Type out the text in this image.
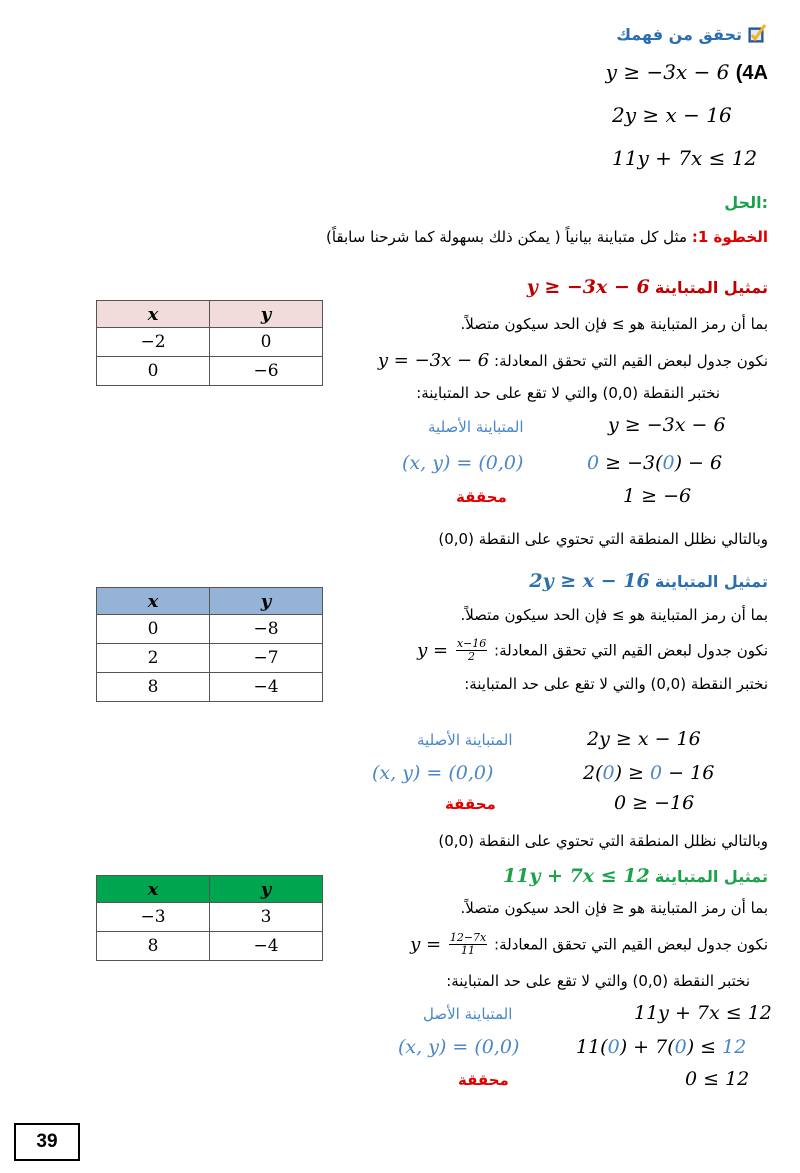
تحقق من فهمك
y ≥ −3x − 6 (4A
2y ≥ x − 16
11y + 7x ≤ 12
الحل:
الخطوة 1: مثل كل متباينة بيانياً ( يمكن ذلك بسهولة كما شرحنا سابقاً)
تمثيل المتباينة y ≥ −3x − 6
بما أن رمز المتباينة هو ≥ فإن الحد سيكون متصلاً.
نكون جدول لبعض القيم التي تحقق المعادلة: y = −3x − 6
نختبر النقطة (0,0) والتي لا تقع على حد المتباينة:
المتباينة الأصلية	y ≥ −3x − 6
(x, y) = (0,0)	0 ≥ −3(0) − 6
محققة	1 ≥ −6
وبالتالي نظلل المنطقة التي تحتوي على النقطة (0,0)
x	y
−2	0
0	−6
تمثيل المتباينة 2y ≥ x − 16
بما أن رمز المتباينة هو ≥ فإن الحد سيكون متصلاً.
نكون جدول لبعض القيم التي تحقق المعادلة: $y = \frac{x-16}{2}$
نختبر النقطة (0,0) والتي لا تقع على حد المتباينة:
المتباينة الأصلية	2y ≥ x − 16
(x, y) = (0,0)	2(0) ≥ 0 − 16
محققة	0 ≥ −16
وبالتالي نظلل المنطقة التي تحتوي على النقطة (0,0)
x	y
0	−8
2	−7
8	−4
تمثيل المتباينة 11y + 7x ≤ 12
بما أن رمز المتباينة هو ≤ فإن الحد سيكون متصلاً.
نكون جدول لبعض القيم التي تحقق المعادلة: $y = \frac{12-7x}{11}$
نختبر النقطة (0,0) والتي لا تقع على حد المتباينة:
المتباينة الأصل	11y + 7x ≤ 12
(x, y) = (0,0)	11(0) + 7(0) ≤ 12
محققة	0 ≤ 12
x	y
−3	3
8	−4
39
